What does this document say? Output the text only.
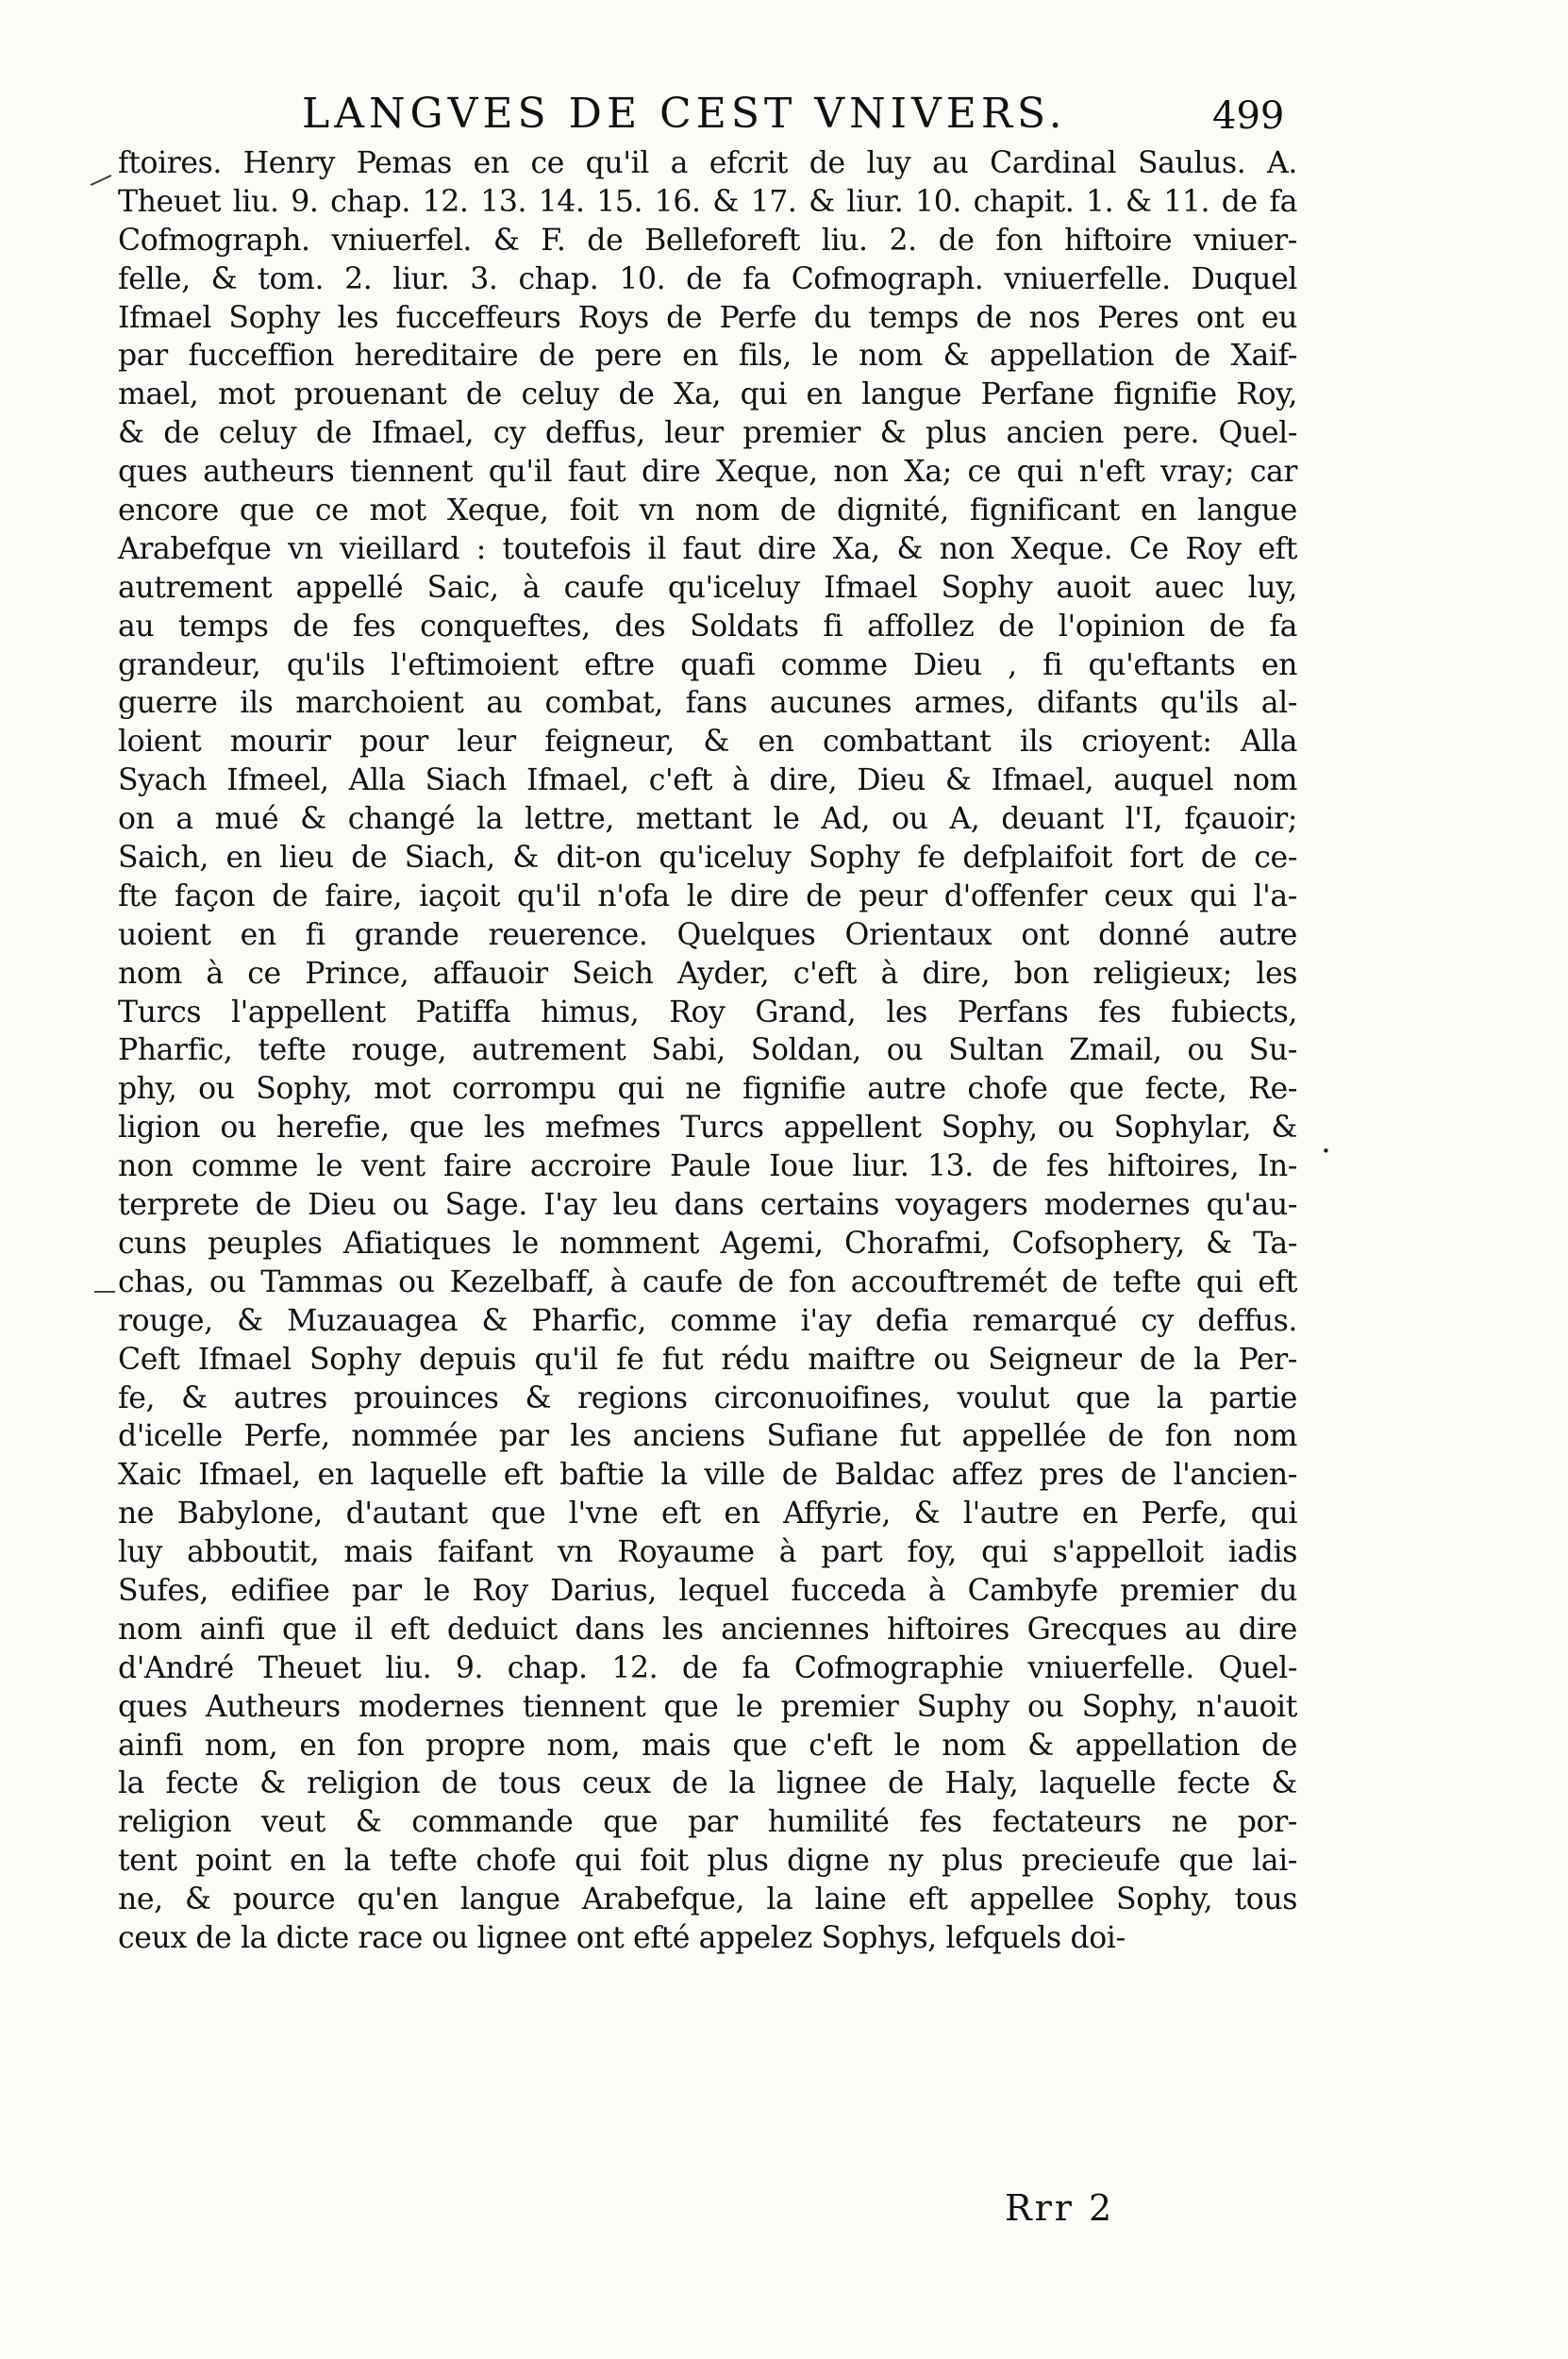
LANGVES DE CEST VNIVERS.	499
ftoires. Henry Pemas en ce qu'il a efcrit de luy au Cardinal Saulus. A.
Theuet liu. 9. chap. 12. 13. 14. 15. 16. & 17. & liur. 10. chapit. 1. & 11. de fa
Cofmograph. vniuerfel. & F. de Belleforeft liu. 2. de fon hiftoire vniuer-
felle, & tom. 2. liur. 3. chap. 10. de fa Cofmograph. vniuerfelle. Duquel
Ifmael Sophy les fucceffeurs Roys de Perfe du temps de nos Peres ont eu
par fucceffion hereditaire de pere en fils, le nom & appellation de Xaif-
mael, mot prouenant de celuy de Xa, qui en langue Perfane fignifie Roy,
& de celuy de Ifmael, cy deffus, leur premier & plus ancien pere. Quel-
ques autheurs tiennent qu'il faut dire Xeque, non Xa; ce qui n'eft vray; car
encore que ce mot Xeque, foit vn nom de dignité, fignificant en langue
Arabefque vn vieillard : toutefois il faut dire Xa, & non Xeque. Ce Roy eft
autrement appellé Saic, à caufe qu'iceluy Ifmael Sophy auoit auec luy,
au temps de fes conqueftes, des Soldats fi affollez de l'opinion de fa
grandeur, qu'ils l'eftimoient eftre quafi comme Dieu , fi qu'eftants en
guerre ils marchoient au combat, fans aucunes armes, difants qu'ils al-
loient mourir pour leur feigneur, & en combattant ils crioyent: Alla
Syach Ifmeel, Alla Siach Ifmael, c'eft à dire, Dieu & Ifmael, auquel nom
on a mué & changé la lettre, mettant le Ad, ou A, deuant l'I, fçauoir;
Saich, en lieu de Siach, & dit-on qu'iceluy Sophy fe defplaifoit fort de ce-
fte façon de faire, iaçoit qu'il n'ofa le dire de peur d'offenfer ceux qui l'a-
uoient en fi grande reuerence. Quelques Orientaux ont donné autre
nom à ce Prince, affauoir Seich Ayder, c'eft à dire, bon religieux; les
Turcs l'appellent Patiffa himus, Roy Grand, les Perfans fes fubiects,
Pharfic, tefte rouge, autrement Sabi, Soldan, ou Sultan Zmail, ou Su-
phy, ou Sophy, mot corrompu qui ne fignifie autre chofe que fecte, Re-
ligion ou herefie, que les mefmes Turcs appellent Sophy, ou Sophylar, &
non comme le vent faire accroire Paule Ioue liur. 13. de fes hiftoires, In-
terprete de Dieu ou Sage. I'ay leu dans certains voyagers modernes qu'au-
cuns peuples Afiatiques le nomment Agemi, Chorafmi, Cofsophery, & Ta-
chas, ou Tammas ou Kezelbaff, à caufe de fon accouftremét de tefte qui eft
rouge, & Muzauagea & Pharfic, comme i'ay defia remarqué cy deffus.
Ceft Ifmael Sophy depuis qu'il fe fut rédu maiftre ou Seigneur de la Per-
fe, & autres prouinces & regions circonuoifines, voulut que la partie
d'icelle Perfe, nommée par les anciens Sufiane fut appellée de fon nom
Xaic Ifmael, en laquelle eft baftie la ville de Baldac affez pres de l'ancien-
ne Babylone, d'autant que l'vne eft en Affyrie, & l'autre en Perfe, qui
luy abboutit, mais faifant vn Royaume à part foy, qui s'appelloit iadis
Sufes, edifiee par le Roy Darius, lequel fucceda à Cambyfe premier du
nom ainfi que il eft deduict dans les anciennes hiftoires Grecques au dire
d'André Theuet liu. 9. chap. 12. de fa Cofmographie vniuerfelle. Quel-
ques Autheurs modernes tiennent que le premier Suphy ou Sophy, n'auoit
ainfi nom, en fon propre nom, mais que c'eft le nom & appellation de
la fecte & religion de tous ceux de la lignee de Haly, laquelle fecte &
religion veut & commande que par humilité fes fectateurs ne por-
tent point en la tefte chofe qui foit plus digne ny plus precieufe que lai-
ne, & pource qu'en langue Arabefque, la laine eft appellee Sophy, tous
ceux de la dicte race ou lignee ont efté appelez Sophys, lefquels doi-
.
Rrr 2
